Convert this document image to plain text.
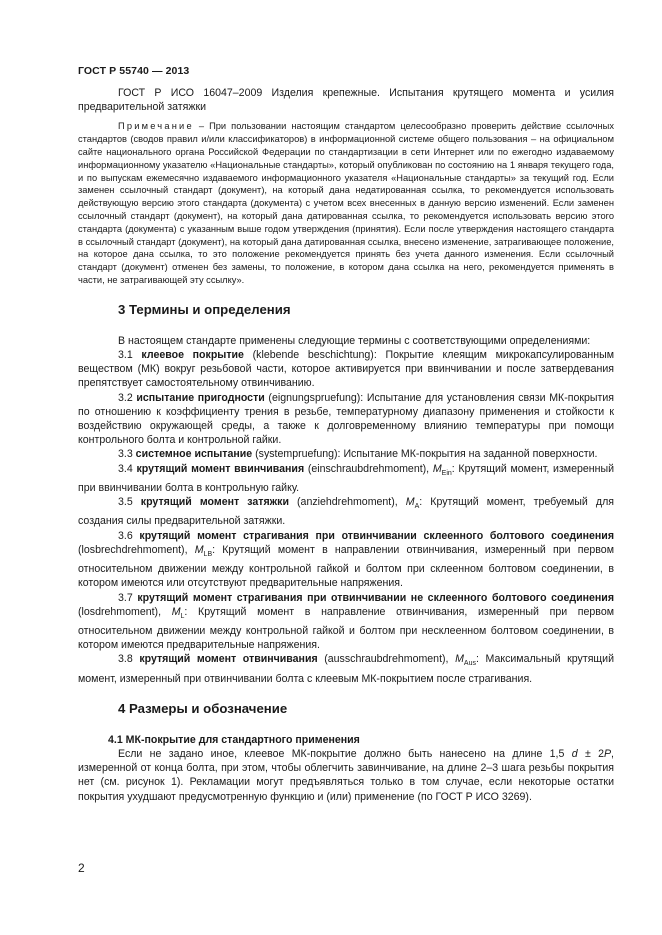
ГОСТ Р 55740 — 2013

ГОСТ Р ИСО 16047–2009 Изделия крепежные. Испытания крутящего момента и усилия предварительной затяжки

Примечание – При пользовании настоящим стандартом целесообразно проверить действие ссылочных стандартов (сводов правил и/или классификаторов) в информационной системе общего пользования – на официальном сайте национального органа Российской Федерации по стандартизации в сети Интернет или по ежегодно издаваемому информационному указателю «Национальные стандарты», который опубликован по состоянию на 1 января текущего года, и по выпускам ежемесячно издаваемого информационного указателя «Национальные стандарты» за текущий год. Если заменен ссылочный стандарт (документ), на который дана недатированная ссылка, то рекомендуется использовать действующую версию этого стандарта (документа) с учетом всех внесенных в данную версию изменений. Если заменен ссылочный стандарт (документ), на который дана датированная ссылка, то рекомендуется использовать версию этого стандарта (документа) с указанным выше годом утверждения (принятия). Если после утверждения настоящего стандарта в ссылочный стандарт (документ), на который дана датированная ссылка, внесено изменение, затрагивающее положение, на которое дана ссылка, то это положение рекомендуется принять без учета данного изменения. Если ссылочный стандарт (документ) отменен без замены, то положение, в котором дана ссылка на него, рекомендуется применять в части, не затрагивающей эту ссылку».

3 Термины и определения

В настоящем стандарте применены следующие термины с соответствующими определениями:

3.1 клеевое покрытие (klebende beschichtung): Покрытие клеящим микрокапсулированным веществом (МК) вокруг резьбовой части, которое активируется при ввинчивании и после затвердевания препятствует самостоятельному отвинчиванию.

3.2 испытание пригодности (eignungspruefung): Испытание для установления связи МК-покрытия по отношению к коэффициенту трения в резьбе, температурному диапазону применения и стойкости к воздействию окружающей среды, а также к долговременному влиянию температуры при помощи контрольного болта и контрольной гайки.

3.3 системное испытание (systempruefung): Испытание МК-покрытия на заданной поверхности.

3.4 крутящий момент ввинчивания (einschraubdrehmoment), $M_{Ein}$: Крутящий момент, измеренный при ввинчивании болта в контрольную гайку.

3.5 крутящий момент затяжки (anziehdrehmoment), $M_A$: Крутящий момент, требуемый для создания силы предварительной затяжки.

3.6 крутящий момент страгивания при отвинчивании склеенного болтового соединения (losbrechdrehmoment), $M_{LB}$: Крутящий момент в направлении отвинчивания, измеренный при первом относительном движении между контрольной гайкой и болтом при склеенном болтовом соединении, в котором имеются или отсутствуют предварительные напряжения.

3.7 крутящий момент страгивания при отвинчивании не склеенного болтового соединения (losdrehmoment), $M_L$: Крутящий момент в направление отвинчивания, измеренный при первом относительном движении между контрольной гайкой и болтом при несклеенном болтовом соединении, в котором имеются предварительные напряжения.

3.8 крутящий момент отвинчивания (ausschraubdrehmoment), $M_{Aus}$: Максимальный крутящий момент, измеренный при отвинчивании болта с клеевым МК-покрытием после страгивания.

4 Размеры и обозначение
4.1 МК-покрытие для стандартного применения

Если не задано иное, клеевое МК-покрытие должно быть нанесено на длине 1,5 d ± 2P, измеренной от конца болта, при этом, чтобы облегчить завинчивание, на длине 2–3 шага резьбы покрытия нет (см. рисунок 1). Рекламации могут предъявляться только в том случае, если некоторые остатки покрытия ухудшают предусмотренную функцию и (или) применение (по ГОСТ Р ИСО 3269).

2
